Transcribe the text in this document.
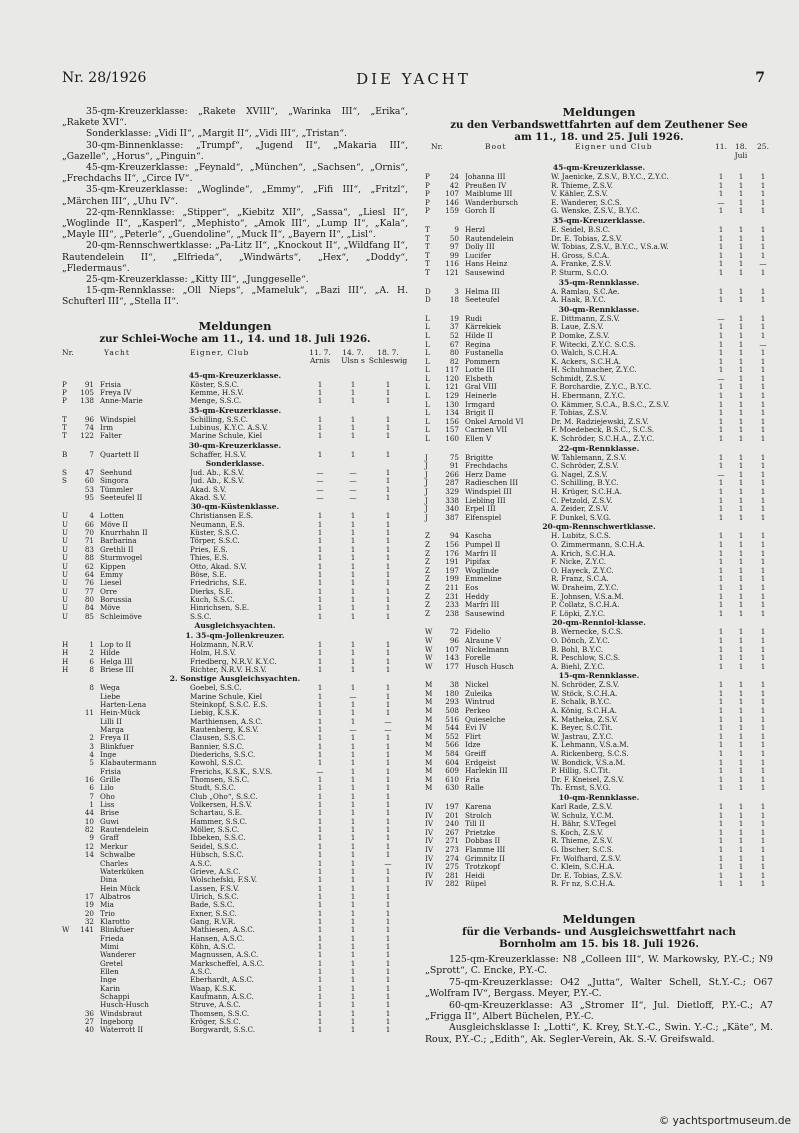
Nr. 28/1926	DIE YACHT	7

35-qm-Kreuzerklasse: „Rakete XVIII“, „Warinka III“, „Erika“, „Rakete XVI“.

Sonderklasse: „Vidi II“, „Margit II“, „Vidi III“, „Tristan“.

30-qm-Binnenklasse: „Trumpf“, „Jugend II“, „Makaria III“, „Gazelle“, „Horus“, „Pinguin“.

45-qm-Kreuzerklasse: „Feynald“, „München“, „Sachsen“, „Ornis“, „Frechdachs II“, „Circe IV“.

35-qm-Kreuzerklasse: „Woglinde“, „Emmy“, „Fifi III“, „Fritzl“, „Märchen III“, „Uhu IV“.

22-qm-Rennklasse: „Stipper“, „Kiebitz XII“, „Sassa“, „Liesl II“, „Woglinde II“, „Kasperl“, „Mephisto“, „Amok III“, „Lump II“, „Kala“, „Mayle III“, „Peterle“, „Guendoline“, „Muck II“, „Bayern II“, „Lisl“.

20-qm-Rennschwertklasse: „Pa-Litz II“, „Knockout II“, „Wildfang II“, Rautendelein II“, „Elfrieda“, „Windwärts“, „Hex“, „Doddy“, „Fledermaus“.

25-qm-Kreuzerklasse: „Kitty III“, „Junggeselle“.

15-qm-Rennklasse: „Oll Nieps“, „Mameluk“, „Bazi III“, „A. H. Schufterl III“, „Stella II“.

Meldungen
zur Schlei-Woche am 11., 14. und 18. Juli 1926.
Nr.	Yacht	Eigner, Club	11. 7. Arnis
14. 7. Ulsn s
18. 7. Schleswig
45-qm-Kreuzerklasse.
P	91 Frisia	Köster, S.S.C.	1	1	1
P	105 Freya IV	Kemme, H.S.V.	1	1	1
P	138 Anne-Marie	Menge, S.S.C.	1	1	1
35-qm-Kreuzerklasse.
T	96 Windspiel	Schilling, S.S.C.	1	1	1
T	74 Irm	Lubinus, K.Y.C. A.S.V.	1	1	1
T	122 Falter	Marine Schule, Kiel	1	1	1
30-qm-Kreuzerklasse.
B	7 Quartett II	Schaffer, H.S.V.	1	1	1
Sonderklasse.
S	47 Seehund	Jud. Ab., K.S.V.	—	—	1
S	60 Singora	Jud. Ab., K.S.V.	—	—	1
53 Tümmler	Akad. S.V.	—	—	1
95 Seeteufel II	Akad. S.V.	—	—	1
30-qm-Küstenklasse.
U	4 Lotten	Christiansen E.S.	1	1	1
U	66 Möve II	Neumann, E.S.	1	1	1
U	70 Knurrhahn II	Küster, S.S.C.	1	1	1
U	71 Barbarina	Törper, S.S.C.	1	1	1
U	83 Grethli II	Pries, E.S.	1	1	1
U	88 Sturmvogel	Thies, E.S.	1	1	1
U	62 Kippen	Otto, Akad. S.V.	1	1	1
U	64 Emmy	Böse, S.E.	1	1	1
U	76 Liesel	Friedrichs, S.E.	1	1	1
U	77 Orre	Dierks, S.E.	1	1	1
U	80 Borussia	Kuch, S.S.C.	1	1	1
U	84 Möve	Hinrichsen, S.E.	1	1	1
U	85 Schleimöve	S.S.C.	1	1	1
Ausgleichsyachten.
1. 35-qm-Jollenkreuzer.
H	1 Lop to II	Holzmann, N.R.V.	1	1	1
H	2 Hilde	Holm, H.S.V.	1	1	1
H	6 Helga III	Friedberg, N.R.V. K.Y.C.	1	1	1
H	8 Briese III	Richter, N.R.V. H.S.V.	1	1	1
2. Sonstige Ausgleichsyachten.
8 Wega	Goebel, S.S.C.	1	1	1
Liebe	Marine Schule, Kiel	1	—	1
Harten-Lena	Steinkopf, S.S.C. E.S.	1	1	1
11 Hein-Mück	Liebig, K.S.K.	1	1	1
Lilli II	Marthiensen, A.S.C.	1	1	—
Marga	Rautenberg, K.S.V.	1	—	—
2 Freya II	Clausen, S.S.C.	1	1	1
3 Blinkfuer	Bannier, S.S.C.	1	1	1
4 Inge	Diederichs, S.S.C.	1	1	1
5 Klabautermann	Kowohl, S.S.C.	1	1	1
Frisia	Frerichs, K.S.K., S.V.S.	—	1	1
16 Grille	Thomsen, S.S.C.	1	1	1
6 Lilo	Studt, S.S.C.	1	1	1
7 Oho	Club „Oho“, S.S.C.	1	1	1
1 Liss	Volkersen, H.S.V.	1	1	1
44 Brise	Schartau, S.E.	1	1	1
10 Guwi	Hammer, S.S.C.	1	1	1
82 Rautendelein	Möller, S.S.C.	1	1	1
9 Graff	Ibbeken, S.S.C.	1	1	1
12 Merkur	Seidel, S.S.C.	1	1	1
14 Schwalbe	Hübsch, S.S.C.	1	1	1
Charles	A.S.C.	1	1	—
Waterküken	Grieve, A.S.C.	1	1	1
Dina	Wolschefski, F.S.V.	1	1	1
Hein Mück	Lassen, F.S.V.	1	1	1
17 Albatros	Ulrich, S.S.C.	1	1	1
19 Mia	Bade, S.S.C.	1	1	1
20 Trio	Exner, S.S.C.	1	1	1
32 Klarotto	Gang, R.V.R.	1	1	1
W	141 Blinkfuer	Mathiesen, A.S.C.	1	1	1
Frieda	Hansen, A.S.C.	1	1	1
Mimi	Köhn, A.S.C.	1	1	1
Wanderer	Magnussen, A.S.C.	1	1	1
Gretel	Markscheffel, A.S.C.	1	1	1
Ellen	A.S.C.	1	1	1
Inge	Eberhardt, A.S.C.	1	1	1
Karin	Waap, K.S.K.	1	1	1
Schappi	Kaufmann, A.S.C.	1	1	1
Husch-Husch	Struve, A.S.C.	1	1	1
36 Windsbraut	Thomsen, S.S.C.	1	1	1
27 Ingeborg	Kröger, S.S.C.	1	1	1
40 Waterrott II	Borgwardt, S.S.C.	1	1	1
Meldungen
zu den Verbandswettfahrten auf dem Zeuthener See
am 11., 18. und 25. Juli 1926.
Nr.	Boot	Eigner und Club	11.	18. Juli
25.
45-qm-Kreuzerklasse.
P	24 Johanna III	W. Jaenicke, Z.S.V., B.Y.C., Z.Y.C.	1	1	1
P	42 Preußen IV	R. Thieme, Z.S.V.	1	1	1
P	107 Maiblume III	V. Kähler, Z.S.V.	1	1	1
P	146 Wanderbursch	E. Wanderer, S.C.S.	—	1	1
P	159 Gorch II	G. Wenske, Z.S.V., B.Y.C.	1	1	1
35-qm-Kreuzerklasse.
T	9 Herzl	E. Seidel, B.S.C.	1	1	1
T	50 Rautendelein	Dr. E. Tobias, Z.S.V.	1	1	1
T	97 Dolly III	W. Tobias, Z.S.V., B.Y.C., V.S.a.W.	1	1	1
T	99 Lucifer	H. Gross, S.C.A.	1	1	1
T	116 Hans Heinz	A. Franke, Z.S.V.	1	1	—
T	121 Sausewind	P. Sturm, S.C.O.	1	1	1
35-qm-Rennklasse.
D	3 Helma III	A. Ramlau, S.C.Ae.	1	1	1
D	18 Seeteufel	A. Haak, B.Y.C.	1	1	1
30-qm-Rennklasse.
L	19 Rudi	E. Dittmann, Z.S.V.	—	1	1
L	37 Kärrekiek	B. Laue, Z.S.V.	1	1	1
L	52 Hilde II	P. Domke, Z.S.V.	1	1	1
L	67 Regina	F. Witecki, Z.Y.C. S.C.S.	1	1	—
L	80 Fustanella	O. Walch, S.C.H.A.	1	1	1
L	82 Pommern	K. Ackers, S.C.H.A.	1	1	1
L	117 Lotte III	H. Schuhmacher, Z.Y.C.	1	1	1
L	120 Elsbeth	Schmidt, Z.S.V.	—	1	1
L	121 Gral VIII	F. Borchardie, Z.Y.C., B.Y.C.	1	1	1
L	129 Heinerle	H. Ebermann, Z.Y.C.	1	1	1
L	130 Irmgard	O. Kämmer, S.C.A., B.S.C., Z.S.V.	1	1	1
L	134 Brigit II	F. Tobias, Z.S.V.	1	1	1
L	156 Onkel Arnold VI	Dr. M. Radziejewski, Z.S.V.	1	1	1
L	157 Carmen VII	F. Moedebeck, B.S.C., S.C.S.	1	1	1
L	160 Ellen V	K. Schröder, S.C.H.A., Z.Y.C.	1	1	1
22-qm-Rennklasse.
J	75 Brigitte	W. Tahlemann, Z.S.V.	1	1	1
J	91 Frechdachs	C. Schröder, Z.S.V.	1	1	1
J	266 Herz Dame	G. Nagel, Z.S.V.	—	1	1
J	287 Radieschen III	C. Schilling, B.Y.C.	1	1	1
J	329 Windspiel III	H. Krüger, S.C.H.A.	1	1	1
J	338 Liebling III	C. Petzold, Z.S.V.	1	1	1
J	340 Erpel III	A. Zeider, Z.S.V.	1	1	1
J	387 Elfenspiel	F. Dunkel, S.V.G.	1	1	1
20-qm-Rennschwertklasse.
Z	94 Kascha	H. Lubitz, S.C.S.	1	1	1
Z	156 Pumpel II	O. Zimmermann, S.C.H.A.	1	1	1
Z	176 Marfri II	A. Krich, S.C.H.A.	1	1	1
Z	191 Pipifax	F. Nicke, Z.Y.C.	1	1	1
Z	197 Woglinde	O. Hayeck, Z.Y.C.	1	1	1
Z	199 Emmeline	R. Franz, S.C.A.	1	1	1
Z	211 Eos	W. Draheim, Z.Y.C.	1	1	1
Z	231 Heddy	E. Johnsen, V.S.a.M.	1	1	1
Z	233 Marfri III	P. Collatz, S.C.H.A.	1	1	1
Z	238 Sausewind	F. Löpki, Z.Y.C.	1	1	1
20-qm-Renniol·klasse.
W	72 Fidelio	B. Wernecke, S.C.S.	1	1	1
W	96 Alraune V	O. Dönch, Z.Y.C.	1	1	1
W	107 Nickelmann	B. Bohl, B.Y.C.	1	1	1
W	143 Forelle	R. Peschlow, S.C.S.	1	1	1
W	177 Husch Husch	A. Biehl, Z.Y.C.	1	1	1
15-qm-Rennklasse.
M	38 Nickel	N. Schröder, Z.S.V.	1	1	1
M	180 Zuleika	W. Stöck, S.C.H.A.	1	1	1
M	293 Wintrud	E. Schalk, B.Y.C.	1	1	1
M	508 Perkeo	A. König, S.C.H.A.	1	1	1
M	516 Quieselche	K. Matheka, Z.S.V.	1	1	1
M	544 Evi IV	K. Beyer, S.C.Tit.	1	1	1
M	552 Flirt	W. Jastrau, Z.Y.C.	1	1	1
M	566 Idze	K. Lehmann, V.S.a.M.	1	1	1
M	584 Greiff	A. Rickenberg, S.C.S.	1	1	1
M	604 Erdgeist	W. Bondick, V.S.a.M.	1	1	1
M	609 Harlekin III	P. Hillig, S.C.Tit.	1	1	1
M	610 Fria	Dr. F. Kneisel, Z.S.V.	1	1	1
M	630 Ralle	Th. Ernst, S.V.G.	1	1	1
10-qm-Rennklasse.
IV	197 Karena	Karl Rade, Z.S.V.	1	1	1
IV	201 Strolch	W. Schulz, Y.C.M.	1	1	1
IV	240 Till II	H. Bähr, S.V.Tegel	1	1	1
IV	267 Prietzke	S. Koch, Z.S.V.	1	1	1
IV	271 Dobbas II	R. Thieme, Z.S.V.	1	1	1
IV	273 Flamme III	G. Ibscher, S.C.S.	1	1	1
IV	274 Grimnitz II	Fr. Wolfhard, Z.S.V.	1	1	1
IV	275 Trotzkopf	C. Klein, S.C.H.A.	1	1	1
IV	281 Heidi	Dr. E. Tobias, Z.S.V.	1	1	1
IV	282 Rüpel	R. Fr nz, S.C.H.A.	1	1	1
Meldungen
für die Verbands- und Ausgleichswettfahrt nach
Bornholm am 15. bis 18. Juli 1926.

125-qm-Kreuzerklasse: N8 „Colleen III“, W. Markowsky, P.Y.-C.; N9 „Sprott“, C. Encke, P.Y.-C.

75-qm-Kreuzerklasse: O42 „Jutta“, Walter Schell, St.Y.-C.; O67 „Wolfram IV“, Bergass. Meyer, P.Y.-C.

60-qm-Kreuzerklasse: A3 „Stromer II“, Jul. Dietloff, P.Y.-C.; A7 „Frigga II“, Albert Büchelen, P.Y.-C.

Ausgleichsklasse I: „Lotti“, K. Krey, St.Y.-C., Swin. Y.-C.; „Käte“, M. Roux, P.Y.-C.; „Edith“, Ak. Segler-Verein, Ak. S.-V. Greifswald.

© yachtsportmuseum.de
